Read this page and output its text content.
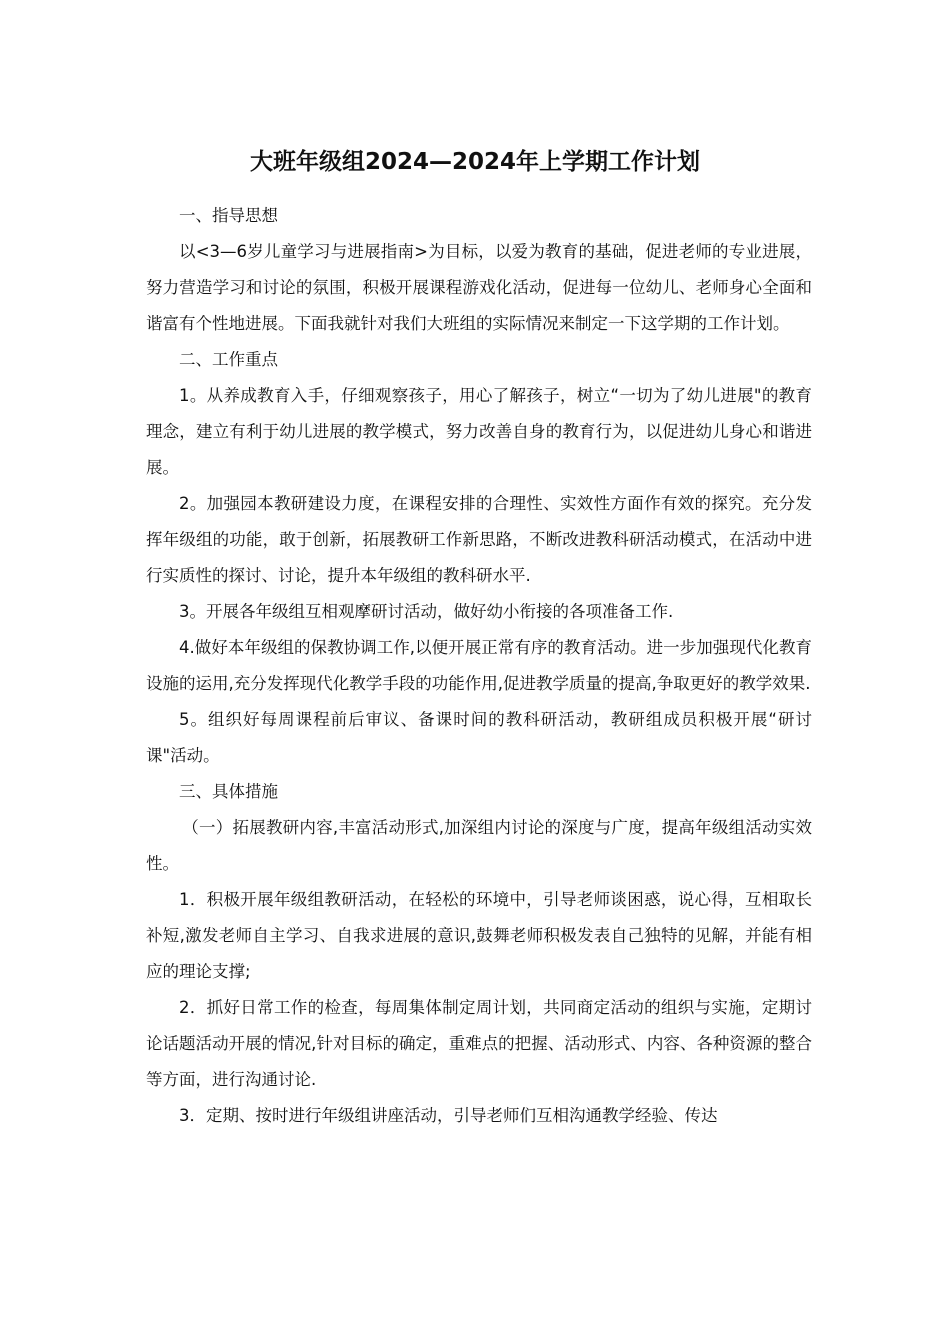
大班年级组2024—2024年上学期工作计划

一、指导思想

以<3—6岁儿童学习与进展指南>为目标，以爱为教育的基础，促进老师的专业进展，努力营造学习和讨论的氛围，积极开展课程游戏化活动，促进每一位幼儿、老师身心全面和谐富有个性地进展。下面我就针对我们大班组的实际情况来制定一下这学期的工作计划。

二、工作重点

1。从养成教育入手，仔细观察孩子，用心了解孩子，树立“一切为了幼儿进展"的教育理念，建立有利于幼儿进展的教学模式，努力改善自身的教育行为，以促进幼儿身心和谐进展。

2。加强园本教研建设力度，在课程安排的合理性、实效性方面作有效的探究。充分发挥年级组的功能，敢于创新，拓展教研工作新思路，不断改进教科研活动模式，在活动中进行实质性的探讨、讨论，提升本年级组的教科研水平.

3。开展各年级组互相观摩研讨活动，做好幼小衔接的各项准备工作.

4.做好本年级组的保教协调工作,以便开展正常有序的教育活动。进一步加强现代化教育设施的运用,充分发挥现代化教学手段的功能作用,促进教学质量的提高,争取更好的教学效果.

5。组织好每周课程前后审议、备课时间的教科研活动，教研组成员积极开展“研讨课"活动。

三、具体措施

（一）拓展教研内容,丰富活动形式,加深组内讨论的深度与广度，提高年级组活动实效性。

1．积极开展年级组教研活动，在轻松的环境中，引导老师谈困惑，说心得，互相取长补短,激发老师自主学习、自我求进展的意识,鼓舞老师积极发表自己独特的见解，并能有相应的理论支撑;

2．抓好日常工作的检查，每周集体制定周计划，共同商定活动的组织与实施，定期讨论话题活动开展的情况,针对目标的确定，重难点的把握、活动形式、内容、各种资源的整合等方面，进行沟通讨论.

3．定期、按时进行年级组讲座活动，引导老师们互相沟通教学经验、传达
